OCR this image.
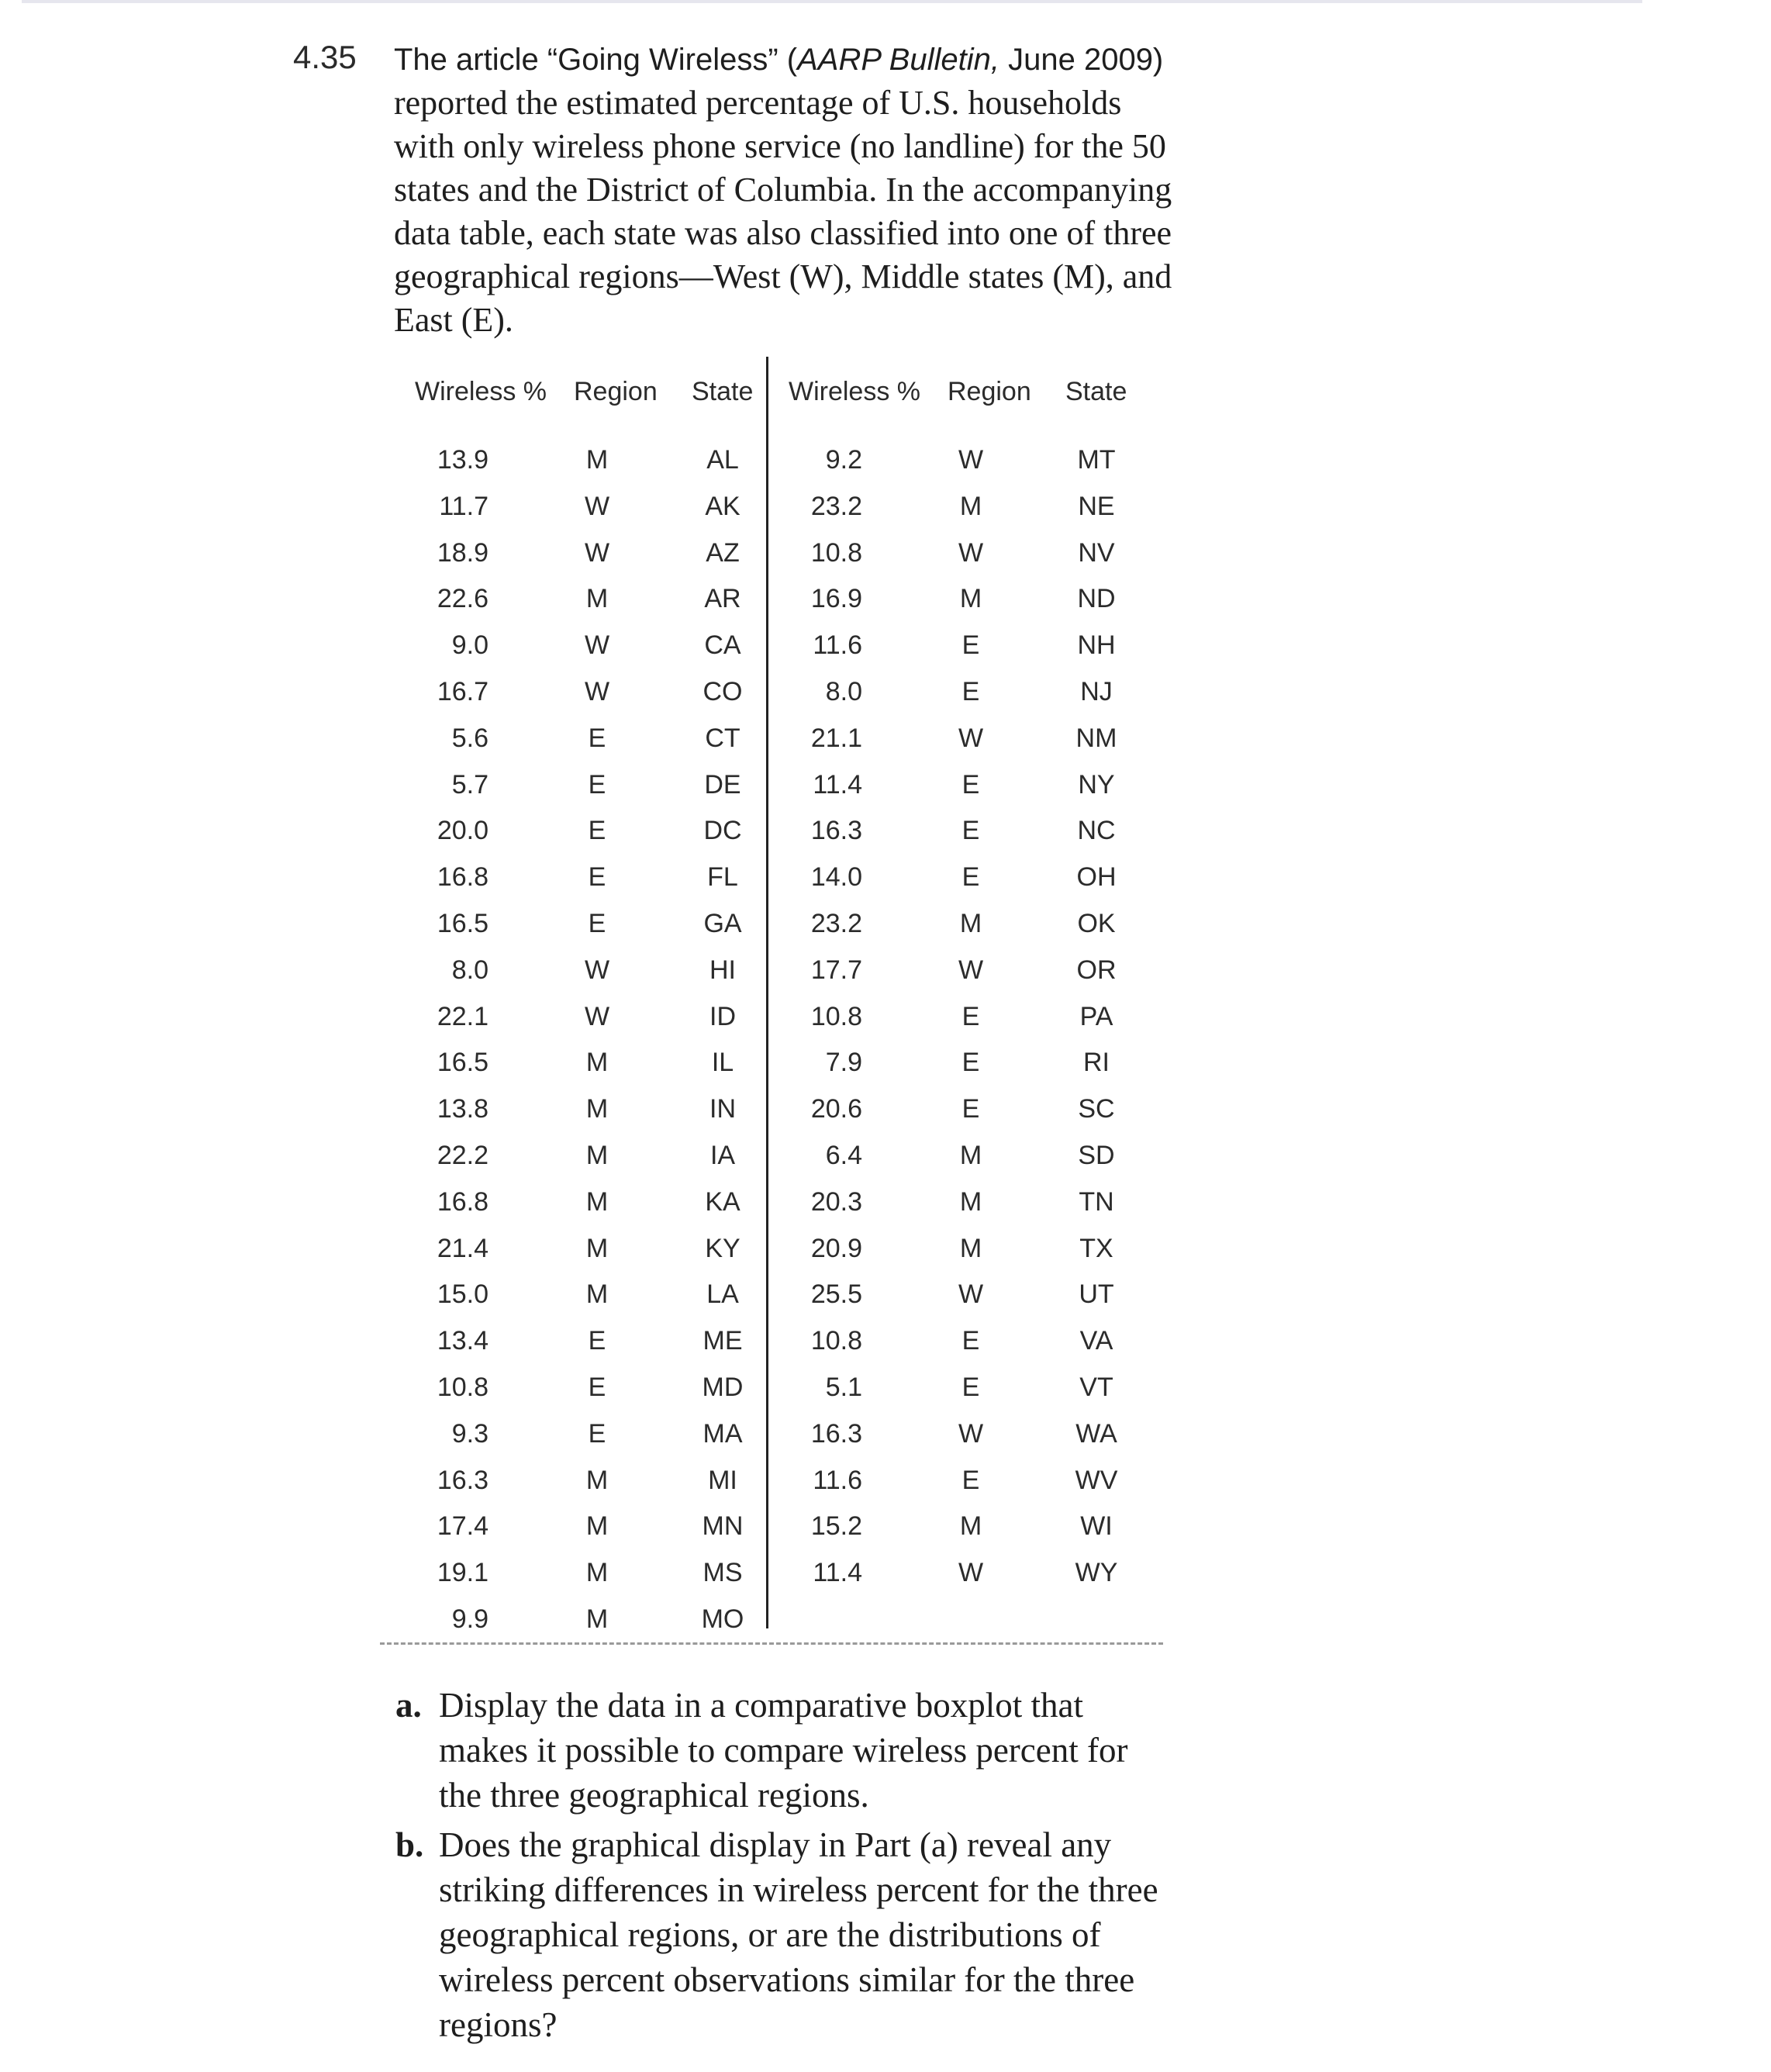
4.35	The article “Going Wireless” (AARP Bulletin, June 2009) reported the estimated percentage of U.S. households with only wireless phone service (no landline) for the 50 states and the District of Columbia. In the accompanying data table, each state was also classified into one of three geographical regions—West (W), Middle states (M), and East (E).
Wireless % Region State
13.9	M	AL
11.7	W	AK
18.9	W	AZ
22.6	M	AR
9.0	W	CA
16.7	W	CO
5.6	E	CT
5.7	E	DE
20.0	E	DC
16.8	E	FL
16.5	E	GA
8.0	W	HI
22.1	W	ID
16.5	M	IL
13.8	M	IN
22.2	M	IA
16.8	M	KA
21.4	M	KY
15.0	M	LA
13.4	E	ME
10.8	E	MD
9.3	E	MA
16.3	M	MI
17.4	M	MN
19.1	M	MS
9.9	M	MO
Wireless % Region State
9.2	W	MT
23.2	M	NE
10.8	W	NV
16.9	M	ND
11.6	E	NH
8.0	E	NJ
21.1	W	NM
11.4	E	NY
16.3	E	NC
14.0	E	OH
23.2	M	OK
17.7	W	OR
10.8	E	PA
7.9	E	RI
20.6	E	SC
6.4	M	SD
20.3	M	TN
20.9	M	TX
25.5	W	UT
10.8	E	VA
5.1	E	VT
16.3	W	WA
11.6	E	WV
15.2	M	WI
11.4	W	WY
a. Display the data in a comparative boxplot that makes it possible to compare wireless percent for the three geographical regions.
b. Does the graphical display in Part (a) reveal any striking differences in wireless percent for the three geographical regions, or are the distributions of wireless percent observations similar for the three regions?
